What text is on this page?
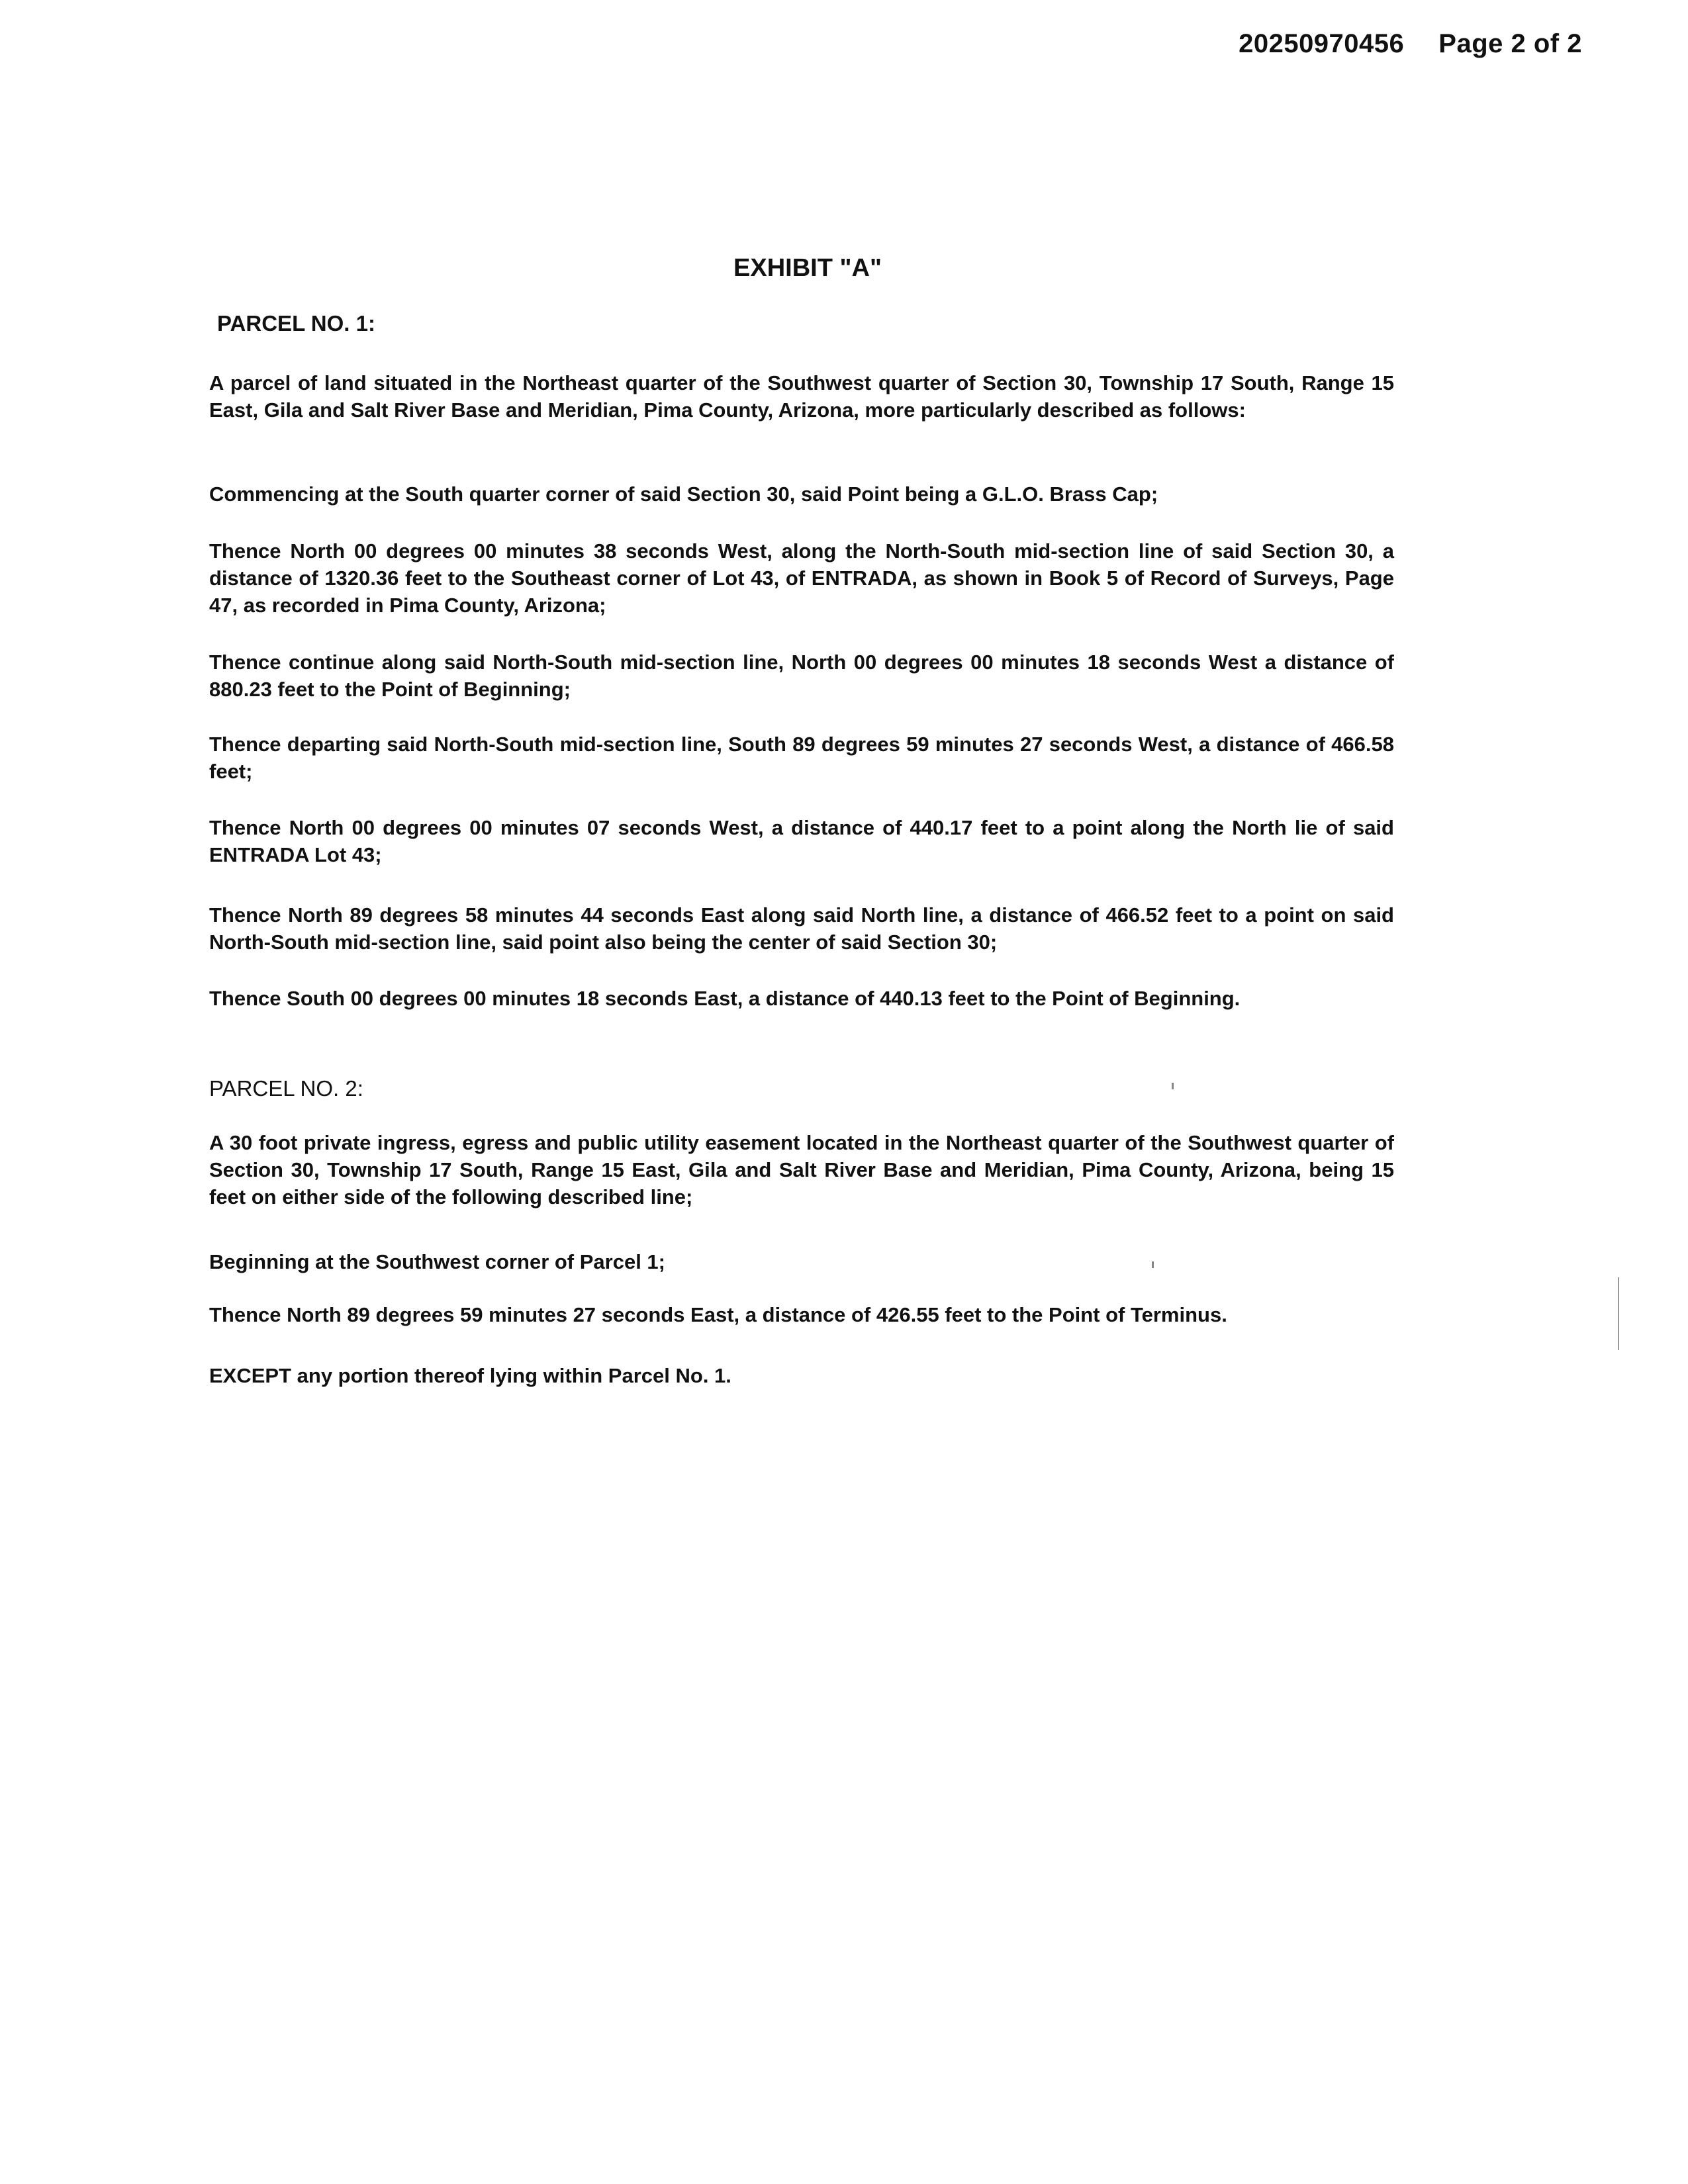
20250970456 Page 2 of 2
EXHIBIT "A"
PARCEL NO. 1:
A parcel of land situated in the Northeast quarter of the Southwest quarter of Section 30, Township 17 South, Range 15 East, Gila and Salt River Base and Meridian, Pima County, Arizona, more particularly described as follows:
Commencing at the South quarter corner of said Section 30, said Point being a G.L.O. Brass Cap;
Thence North 00 degrees 00 minutes 38 seconds West, along the North-South mid-section line of said Section 30, a distance of 1320.36 feet to the Southeast corner of Lot 43, of ENTRADA, as shown in Book 5 of Record of Surveys, Page 47, as recorded in Pima County, Arizona;
Thence continue along said North-South mid-section line, North 00 degrees 00 minutes 18 seconds West a distance of 880.23 feet to the Point of Beginning;
Thence departing said North-South mid-section line, South 89 degrees 59 minutes 27 seconds West, a distance of 466.58 feet;
Thence North 00 degrees 00 minutes 07 seconds West, a distance of 440.17 feet to a point along the North lie of said ENTRADA Lot 43;
Thence North 89 degrees 58 minutes 44 seconds East along said North line, a distance of 466.52 feet to a point on said North-South mid-section line, said point also being the center of said Section 30;
Thence South 00 degrees 00 minutes 18 seconds East, a distance of 440.13 feet to the Point of Beginning.
PARCEL NO. 2:
A 30 foot private ingress, egress and public utility easement located in the Northeast quarter of the Southwest quarter of Section 30, Township 17 South, Range 15 East, Gila and Salt River Base and Meridian, Pima County, Arizona, being 15 feet on either side of the following described line;
Beginning at the Southwest corner of Parcel 1;
Thence North 89 degrees 59 minutes 27 seconds East, a distance of 426.55 feet to the Point of Terminus.
EXCEPT any portion thereof lying within Parcel No. 1.
